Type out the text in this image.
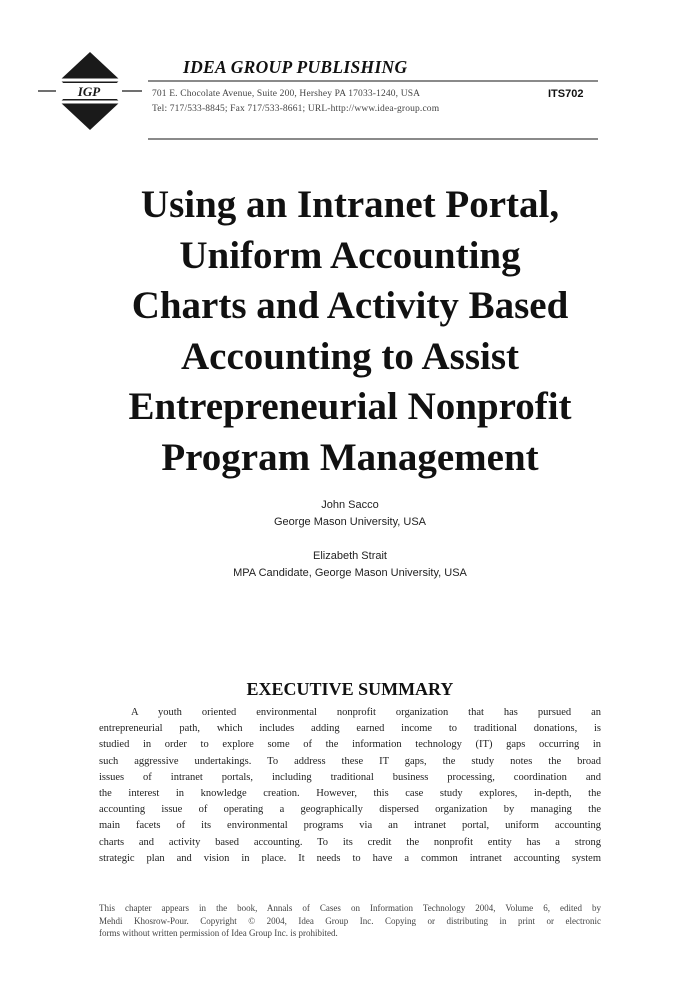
IGP
IDEA GROUP PUBLISHING
701 E. Chocolate Avenue, Suite 200, Hershey PA 17033-1240, USA
Tel: 717/533-8845; Fax 717/533-8661; URL-http://www.idea-group.com
ITS702
Using an Intranet Portal,
Uniform Accounting
Charts and Activity Based
Accounting to Assist
Entrepreneurial Nonprofit
Program Management
John Sacco
George Mason University, USA
Elizabeth Strait
MPA Candidate, George Mason University, USA
EXECUTIVE SUMMARY
A youth oriented environmental nonprofit organization that has pursued an
entrepreneurial path, which includes adding earned income to traditional donations, is
studied in order to explore some of the information technology (IT) gaps occurring in
such aggressive undertakings. To address these IT gaps, the study notes the broad
issues of intranet portals, including traditional business processing, coordination and
the interest in knowledge creation. However, this case study explores, in-depth, the
accounting issue of operating a geographically dispersed organization by managing the
main facets of its environmental programs via an intranet portal, uniform accounting
charts and activity based accounting. To its credit the nonprofit entity has a strong
strategic plan and vision in place. It needs to have a common intranet accounting system
This chapter appears in the book, Annals of Cases on Information Technology 2004, Volume 6, edited by
Mehdi Khosrow-Pour. Copyright © 2004, Idea Group Inc. Copying or distributing in print or electronic
forms without written permission of Idea Group Inc. is prohibited.
